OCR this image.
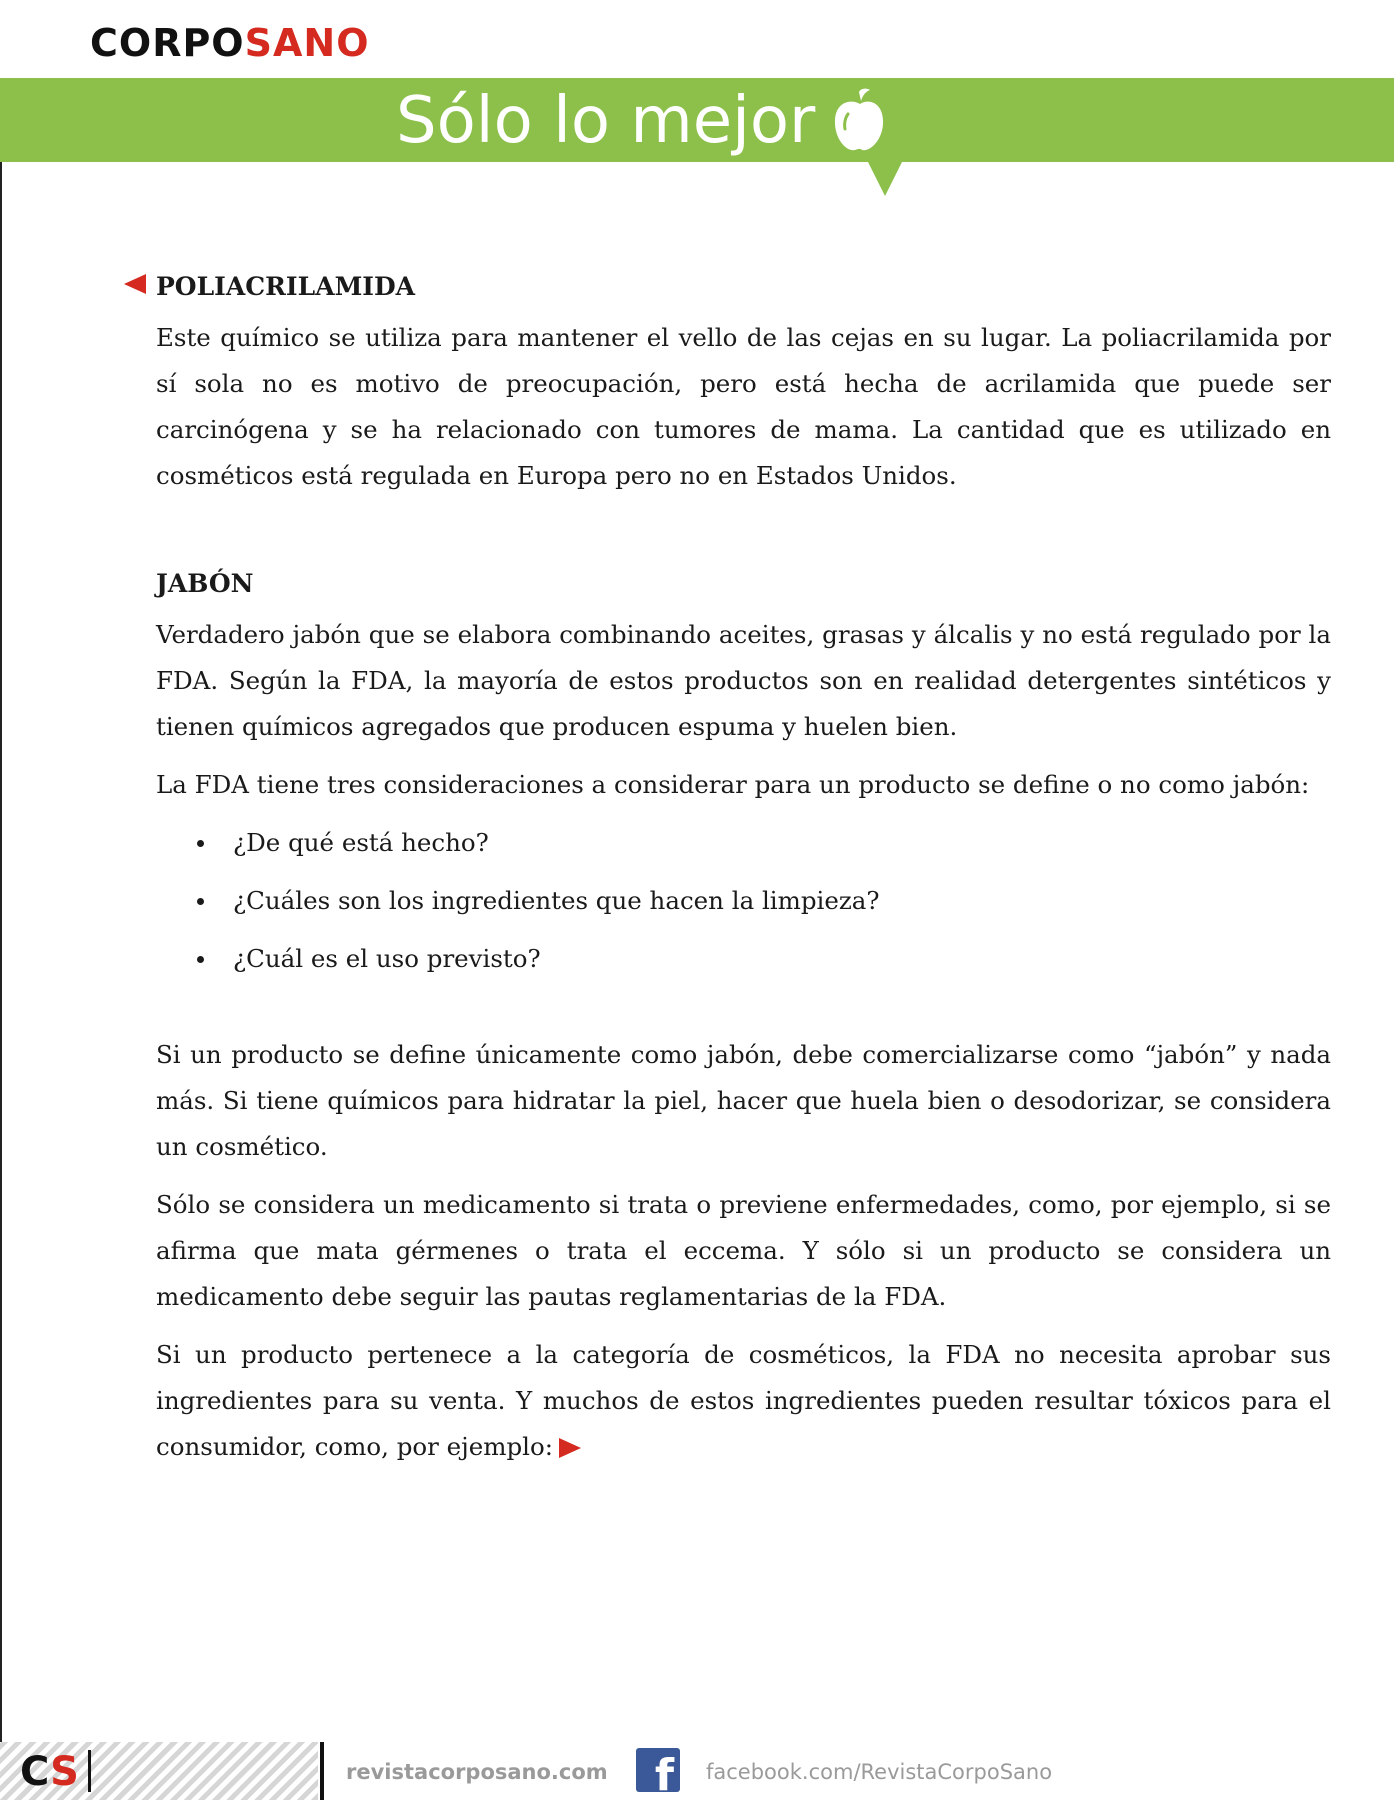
CORPOSANO
Sólo lo mejor
POLIACRILAMIDA

Este químico se utiliza para mantener el vello de las cejas en su lugar. La poliacrilamida por sí sola no es motivo de preocupación, pero está hecha de acrilamida que puede ser carcinógena y se ha relacionado con tumores de mama. La cantidad que es utilizado en cosméticos está regulada en Europa pero no en Estados Unidos.

JABÓN

Verdadero jabón que se elabora combinando aceites, grasas y álcalis y no está regulado por la FDA. Según la FDA, la mayoría de estos productos son en realidad detergentes sintéticos y tienen químicos agregados que producen espuma y huelen bien.

La FDA tiene tres consideraciones a considerar para un producto se define o no como jabón:

¿De qué está hecho?
¿Cuáles son los ingredientes que hacen la limpieza?
¿Cuál es el uso previsto?

Si un producto se define únicamente como jabón, debe comercializarse como “jabón” y nada más. Si tiene químicos para hidratar la piel, hacer que huela bien o desodorizar, se considera un cosmético.

Sólo se considera un medicamento si trata o previene enfermedades, como, por ejemplo, si se afirma que mata gérmenes o trata el eccema. Y sólo si un producto se considera un medicamento debe seguir las pautas reglamentarias de la FDA.

Si un producto pertenece a la categoría de cosméticos, la FDA no necesita aprobar sus ingredientes para su venta. Y muchos de estos ingredientes pueden resultar tóxicos para el consumidor, como, por ejemplo:

CS	revistacorposano.com f facebook.com/RevistaCorpoSano
